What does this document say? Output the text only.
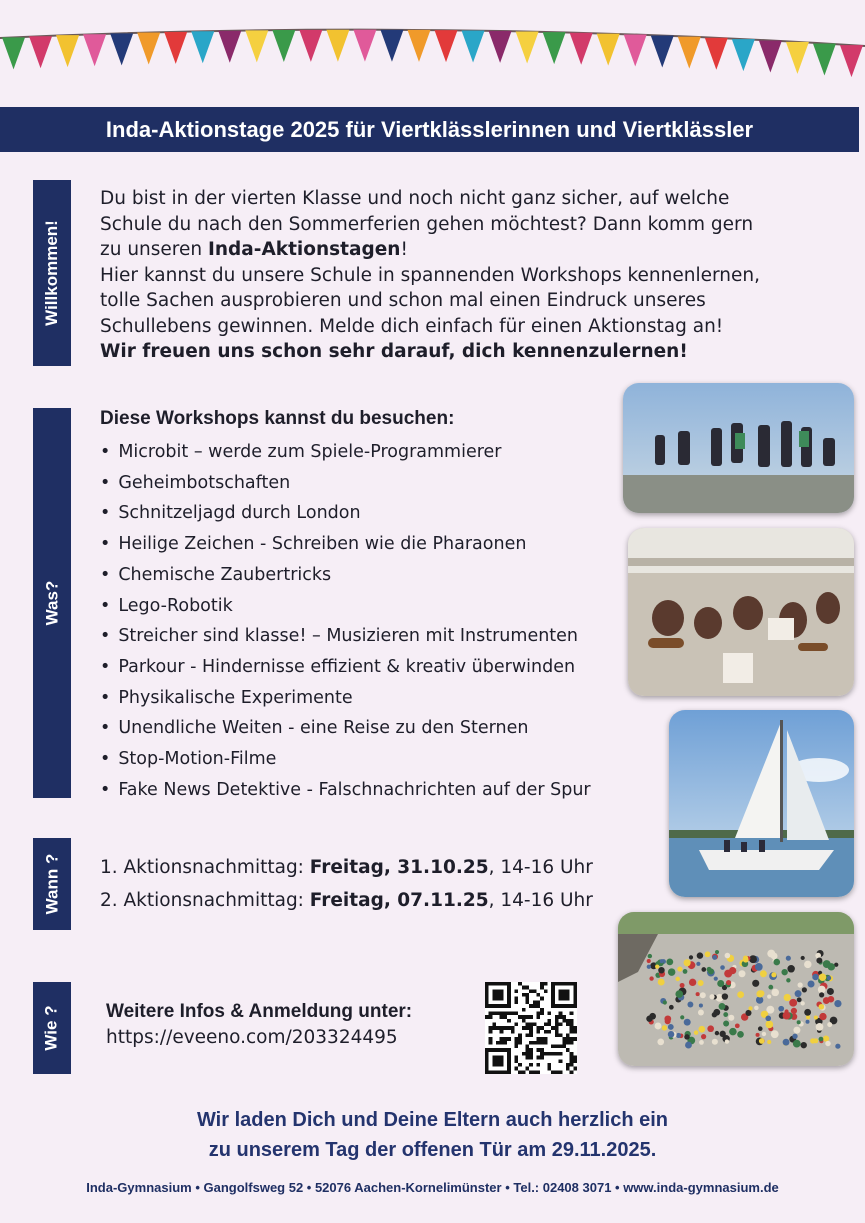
Inda-Aktionstage 2025 für Viertklässlerinnen und Viertklässler
Willkommen!
Was?
Wann ?
Wie ?
Du bist in der vierten Klasse und noch nicht ganz sicher, auf welche
Schule du nach den Sommerferien gehen möchtest? Dann komm gern
zu unseren Inda-Aktionstagen!
Hier kannst du unsere Schule in spannenden Workshops kennenlernen,
tolle Sachen ausprobieren und schon mal einen Eindruck unseres
Schullebens gewinnen. Melde dich einfach für einen Aktionstag an!
Wir freuen uns schon sehr darauf, dich kennenzulernen!
Diese Workshops kannst du besuchen:
• Microbit – werde zum Spiele-Programmierer
• Geheimbotschaften
• Schnitzeljagd durch London
• Heilige Zeichen - Schreiben wie die Pharaonen
• Chemische Zaubertricks
• Lego-Robotik
• Streicher sind klasse! – Musizieren mit Instrumenten
• Parkour - Hindernisse effizient & kreativ überwinden
• Physikalische Experimente
• Unendliche Weiten - eine Reise zu den Sternen
• Stop-Motion-Filme
• Fake News Detektive - Falschnachrichten auf der Spur
1. Aktionsnachmittag: Freitag, 31.10.25, 14-16 Uhr
2. Aktionsnachmittag: Freitag, 07.11.25, 14-16 Uhr
Weitere Infos & Anmeldung unter:
https://eveeno.com/203324495
Wir laden Dich und Deine Eltern auch herzlich ein
zu unserem Tag der offenen Tür am 29.11.2025.
Inda-Gymnasium • Gangolfsweg 52 • 52076 Aachen-Kornelimünster • Tel.: 02408 3071 • www.inda-gymnasium.de
